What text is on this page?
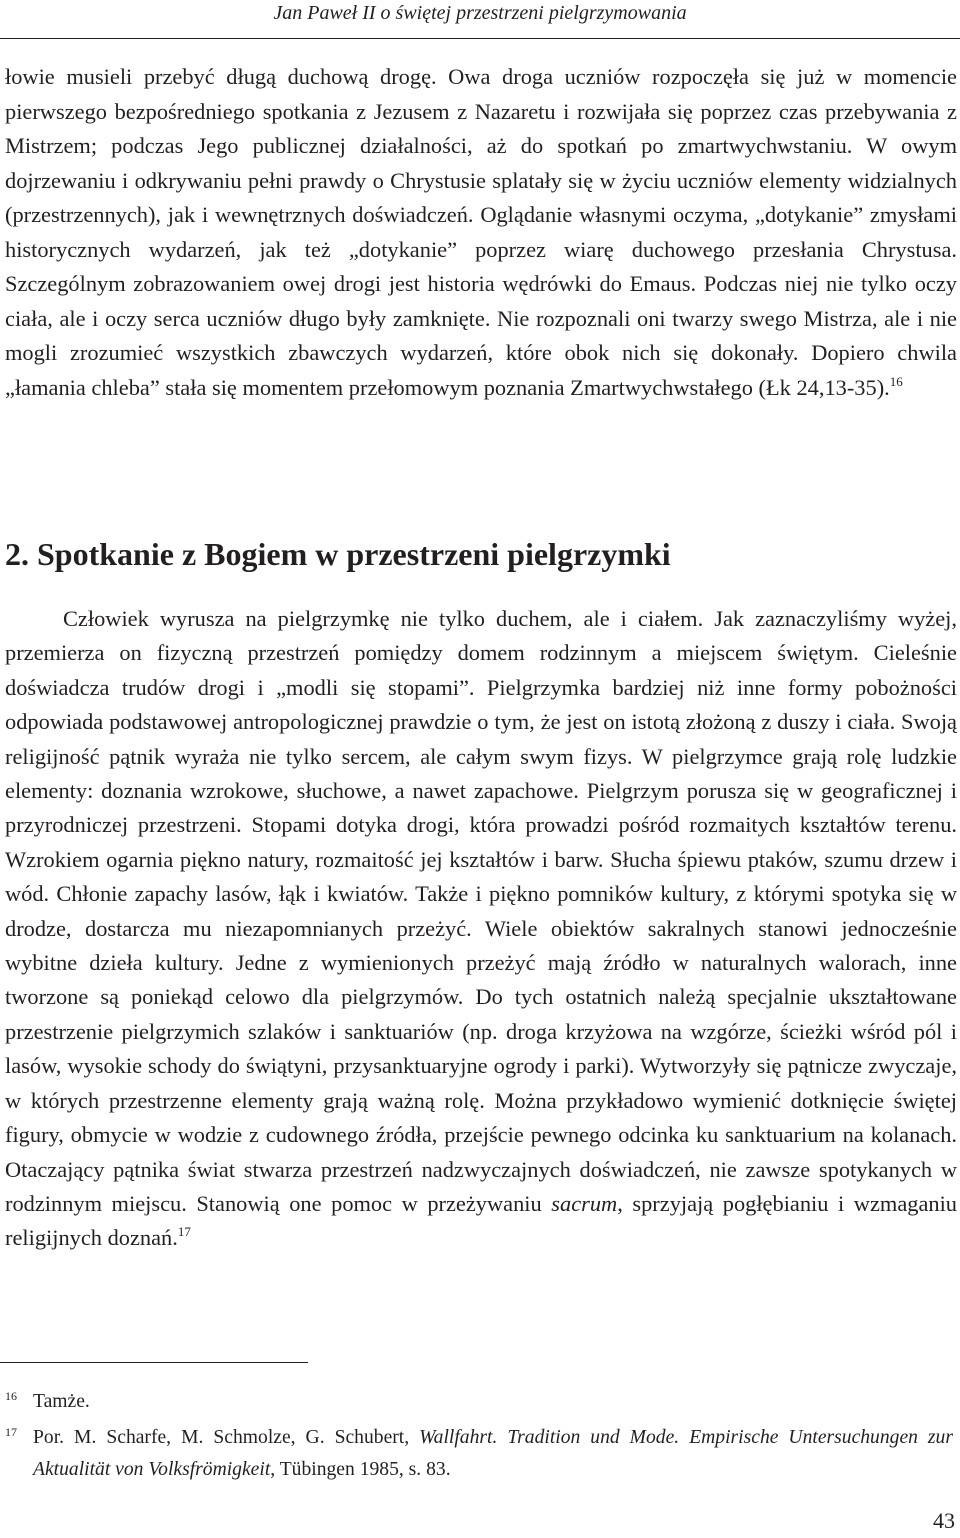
Jan Paweł II o świętej przestrzeni pielgrzymowania

łowie musieli przebyć długą duchową drogę. Owa droga uczniów rozpoczęła się już w momencie pierwszego bezpośredniego spotkania z Jezusem z Nazaretu i rozwijała się poprzez czas przebywania z Mistrzem; podczas Jego publicznej działalności, aż do spotkań po zmartwychwstaniu. W owym dojrzewaniu i odkrywaniu pełni prawdy o Chrystusie splatały się w życiu uczniów elementy widzialnych (przestrzennych), jak i wewnętrznych doświadczeń. Oglądanie własnymi oczyma, „dotykanie” zmysłami historycznych wydarzeń, jak też „dotykanie” poprzez wiarę duchowego przesłania Chrystusa. Szczególnym zobrazowaniem owej drogi jest historia wędrówki do Emaus. Podczas niej nie tylko oczy ciała, ale i oczy serca uczniów długo były zamknięte. Nie rozpoznali oni twarzy swego Mistrza, ale i nie mogli zrozumieć wszystkich zbawczych wydarzeń, które obok nich się dokonały. Dopiero chwila „łamania chleba” stała się momentem przełomowym poznania Zmartwychwstałego (Łk 24,13-35).$^{16}$

2. Spotkanie z Bogiem w przestrzeni pielgrzymki

Człowiek wyrusza na pielgrzymkę nie tylko duchem, ale i ciałem. Jak zaznaczyliśmy wyżej, przemierza on fizyczną przestrzeń pomiędzy domem rodzinnym a miejscem świętym. Cieleśnie doświadcza trudów drogi i „modli się stopami”. Pielgrzymka bardziej niż inne formy pobożności odpowiada podstawowej antropologicznej prawdzie o tym, że jest on istotą złożoną z duszy i ciała. Swoją religijność pątnik wyraża nie tylko sercem, ale całym swym fizys. W pielgrzymce grają rolę ludzkie elementy: doznania wzrokowe, słuchowe, a nawet zapachowe. Pielgrzym porusza się w geograficznej i przyrodniczej przestrzeni. Stopami dotyka drogi, która prowadzi pośród rozmaitych kształtów terenu. Wzrokiem ogarnia piękno natury, rozmaitość jej kształtów i barw. Słucha śpiewu ptaków, szumu drzew i wód. Chłonie zapachy lasów, łąk i kwiatów. Także i piękno pomników kultury, z którymi spotyka się w drodze, dostarcza mu niezapomnianych przeżyć. Wiele obiektów sakralnych stanowi jednocześnie wybitne dzieła kultury. Jedne z wymienionych przeżyć mają źródło w naturalnych walorach, inne tworzone są poniekąd celowo dla pielgrzymów. Do tych ostatnich należą specjalnie ukształtowane przestrzenie pielgrzymich szlaków i sanktuariów (np. droga krzyżowa na wzgórze, ścieżki wśród pól i lasów, wysokie schody do świątyni, przysanktuaryjne ogrody i parki). Wytworzyły się pątnicze zwyczaje, w których przestrzenne elementy grają ważną rolę. Można przykładowo wymienić dotknięcie świętej figury, obmycie w wodzie z cudownego źródła, przejście pewnego odcinka ku sanktuarium na kolanach. Otaczający pątnika świat stwarza przestrzeń nadzwyczajnych doświadczeń, nie zawsze spotykanych w rodzinnym miejscu. Stanowią one pomoc w przeżywaniu sacrum, sprzyjają pogłębianiu i wzmaganiu religijnych doznań.$^{17}$

16 Tamże.
17 Por. M. Scharfe, M. Schmolze, G. Schubert, Wallfahrt. Tradition und Mode. Empirische Untersuchungen zur Aktualität von Volksfrömigkeit, Tübingen 1985, s. 83.
43
